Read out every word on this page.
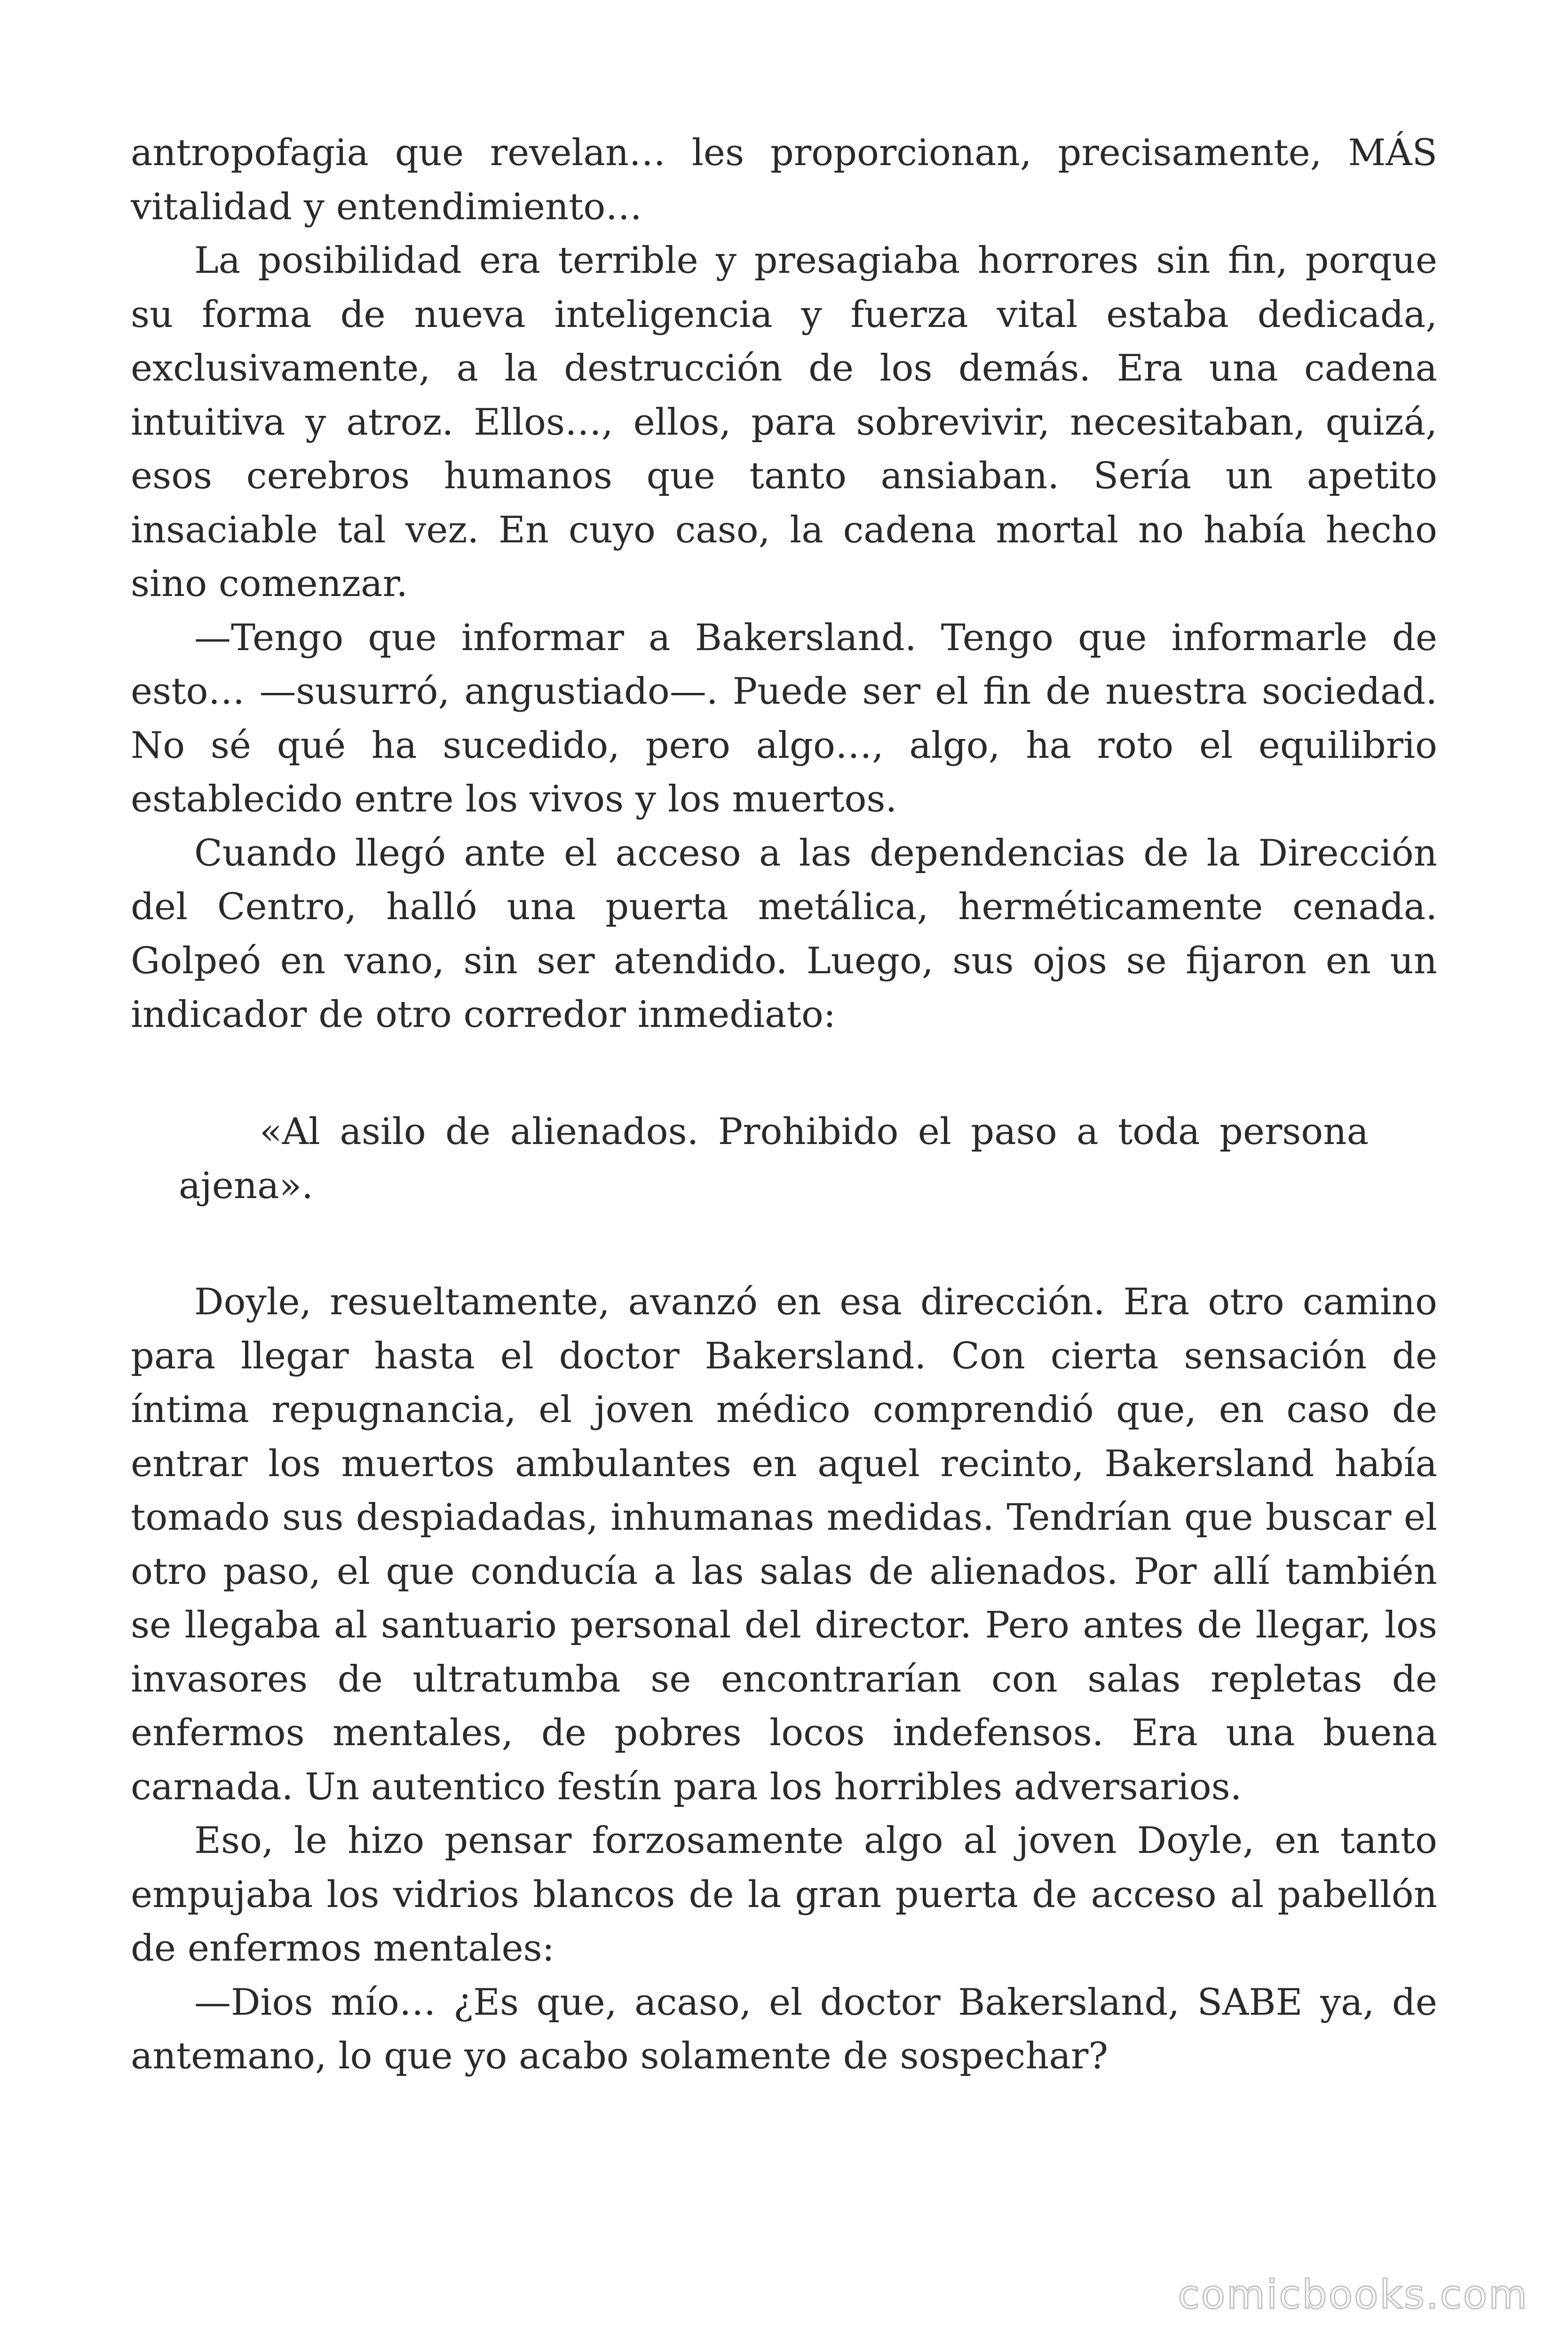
antropofagia que revelan… les proporcionan, precisamente, MÁS vitalidad y entendimiento…

La posibilidad era terrible y presagiaba horrores sin fin, porque su forma de nueva inteligencia y fuerza vital estaba dedicada, exclusivamente, a la destrucción de los demás. Era una cadena intuitiva y atroz. Ellos…, ellos, para sobrevivir, necesitaban, quizá, esos cerebros humanos que tanto ansiaban. Sería un apetito insaciable tal vez. En cuyo caso, la cadena mortal no había hecho sino comenzar.

—Tengo que informar a Bakersland. Tengo que informarle de esto… —susurró, angustiado—. Puede ser el fin de nuestra sociedad. No sé qué ha sucedido, pero algo…, algo, ha roto el equilibrio establecido entre los vivos y los muertos.

Cuando llegó ante el acceso a las dependencias de la Dirección del Centro, halló una puerta metálica, herméticamente cenada. Golpeó en vano, sin ser atendido. Luego, sus ojos se fijaron en un indicador de otro corredor inmediato:

«Al asilo de alienados. Prohibido el paso a toda persona ajena».

Doyle, resueltamente, avanzó en esa dirección. Era otro camino para llegar hasta el doctor Bakersland. Con cierta sensación de íntima repugnancia, el joven médico comprendió que, en caso de entrar los muertos ambulantes en aquel recinto, Bakersland había tomado sus despiadadas, inhumanas medidas. Tendrían que buscar el otro paso, el que conducía a las salas de alienados. Por allí también se llegaba al santuario personal del director. Pero antes de llegar, los invasores de ultratumba se encontrarían con salas repletas de enfermos mentales, de pobres locos indefensos. Era una buena carnada. Un autentico festín para los horribles adversarios.

Eso, le hizo pensar forzosamente algo al joven Doyle, en tanto empujaba los vidrios blancos de la gran puerta de acceso al pabellón de enfermos mentales:

—Dios mío… ¿Es que, acaso, el doctor Bakersland, SABE ya, de antemano, lo que yo acabo solamente de sospechar?

comicbooks.com
